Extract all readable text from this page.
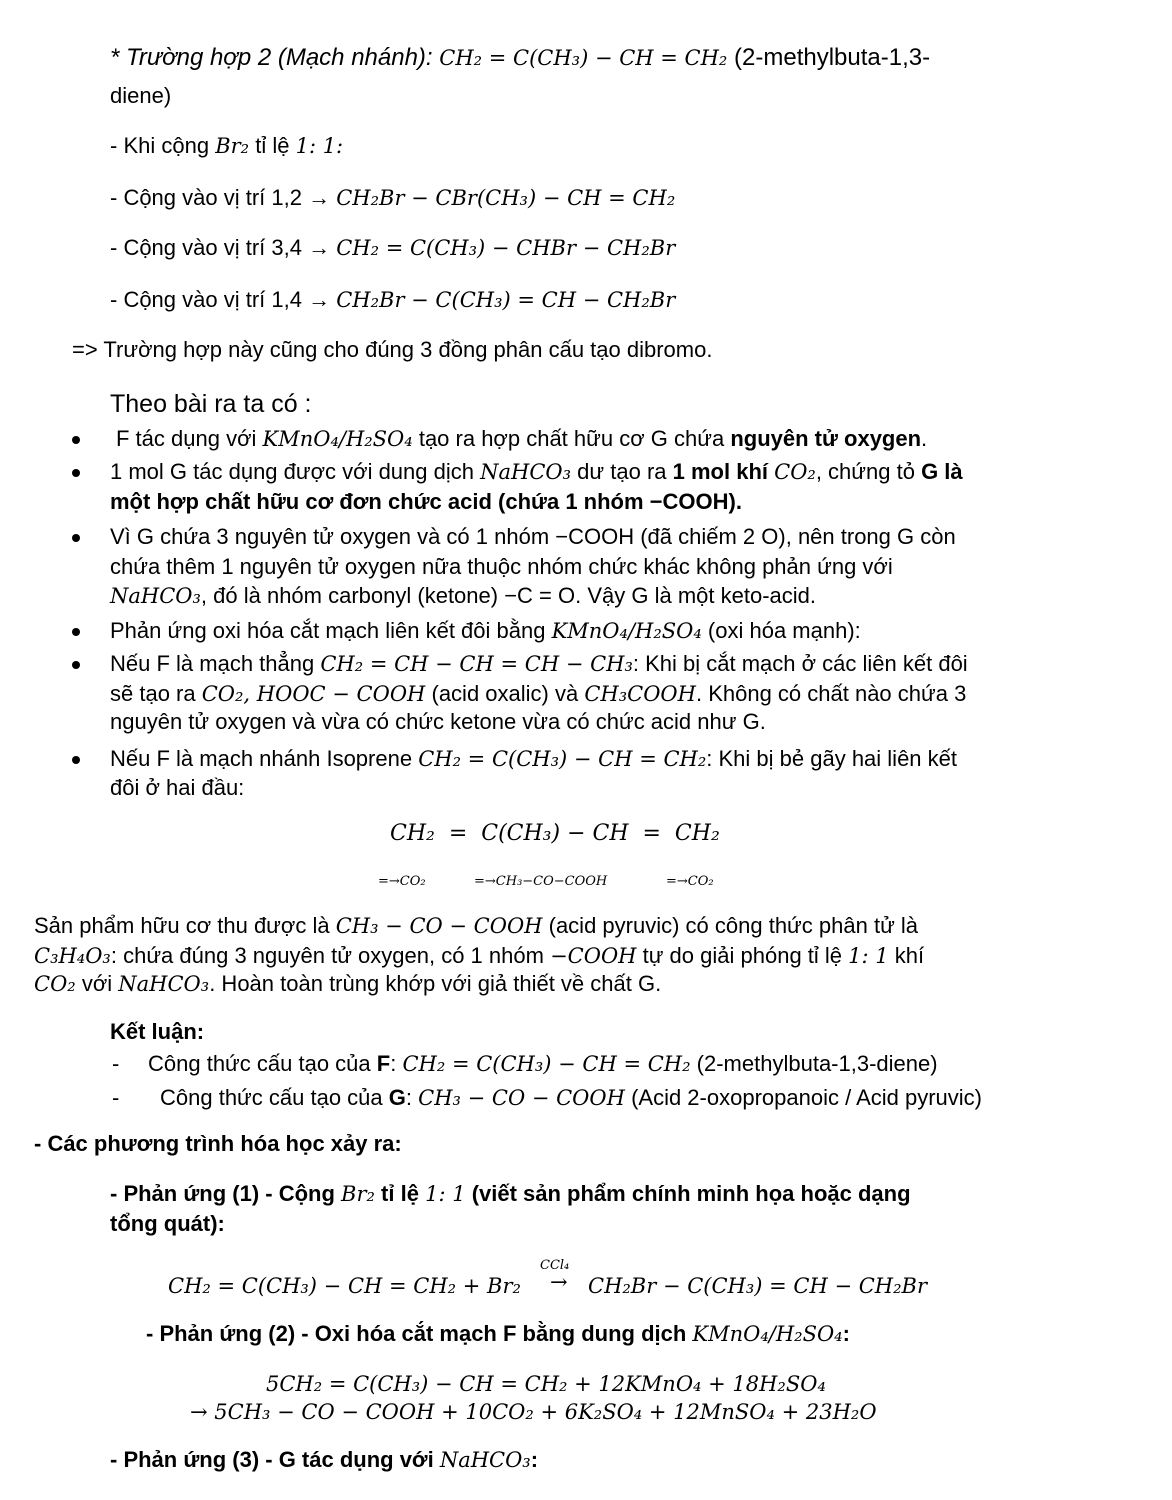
* Trường hợp 2 (Mạch nhánh): CH₂ = C(CH₃) − CH = CH₂ (2-methylbuta-1,3-
diene)
- Khi cộng Br₂ tỉ lệ 1: 1:
- Cộng vào vị trí 1,2 → CH₂Br − CBr(CH₃) − CH = CH₂
- Cộng vào vị trí 3,4 → CH₂ = C(CH₃) − CHBr − CH₂Br
- Cộng vào vị trí 1,4 → CH₂Br − C(CH₃) = CH − CH₂Br
=> Trường hợp này cũng cho đúng 3 đồng phân cấu tạo dibromo.
Theo bài ra ta có :
F tác dụng với KMnO₄/H₂SO₄ tạo ra hợp chất hữu cơ G chứa nguyên tử oxygen.
1 mol G tác dụng được với dung dịch NaHCO₃ dư tạo ra 1 mol khí CO₂, chứng tỏ G là
một hợp chất hữu cơ đơn chức acid (chứa 1 nhóm −COOH).
Vì G chứa 3 nguyên tử oxygen và có 1 nhóm −COOH (đã chiếm 2 O), nên trong G còn
chứa thêm 1 nguyên tử oxygen nữa thuộc nhóm chức khác không phản ứng với
NaHCO₃, đó là nhóm carbonyl (ketone) −C = O. Vậy G là một keto-acid.
Phản ứng oxi hóa cắt mạch liên kết đôi bằng KMnO₄/H₂SO₄ (oxi hóa mạnh):
Nếu F là mạch thẳng CH₂ = CH − CH = CH − CH₃: Khi bị cắt mạch ở các liên kết đôi
sẽ tạo ra CO₂, HOOC − COOH (acid oxalic) và CH₃COOH. Không có chất nào chứa 3
nguyên tử oxygen và vừa có chức ketone vừa có chức acid như G.
Nếu F là mạch nhánh Isoprene CH₂ = C(CH₃) − CH = CH₂: Khi bị bẻ gãy hai liên kết
đôi ở hai đầu:
CH₂  =  C(CH₃) − CH  =  CH₂
=→CO₂	=→CH₃−CO−COOH	=→CO₂
Sản phẩm hữu cơ thu được là CH₃ − CO − COOH (acid pyruvic) có công thức phân tử là
C₃H₄O₃: chứa đúng 3 nguyên tử oxygen, có 1 nhóm −COOH tự do giải phóng tỉ lệ 1: 1 khí
CO₂ với NaHCO₃. Hoàn toàn trùng khớp với giả thiết về chất G.
Kết luận:
- Công thức cấu tạo của F: CH₂ = C(CH₃) − CH = CH₂ (2-methylbuta-1,3-diene)
- Công thức cấu tạo của G: CH₃ − CO − COOH (Acid 2-oxopropanoic / Acid pyruvic)
- Các phương trình hóa học xảy ra:
- Phản ứng (1) - Cộng Br₂ tỉ lệ 1: 1 (viết sản phẩm chính minh họa hoặc dạng
tổng quát):
CH₂ = C(CH₃) − CH = CH₂ + Br₂
CCl₄
→ CH₂Br − C(CH₃) = CH − CH₂Br
- Phản ứng (2) - Oxi hóa cắt mạch F bằng dung dịch KMnO₄/H₂SO₄:
5CH₂ = C(CH₃) − CH = CH₂ + 12KMnO₄ + 18H₂SO₄
→ 5CH₃ − CO − COOH + 10CO₂ + 6K₂SO₄ + 12MnSO₄ + 23H₂O
- Phản ứng (3) - G tác dụng với NaHCO₃:
